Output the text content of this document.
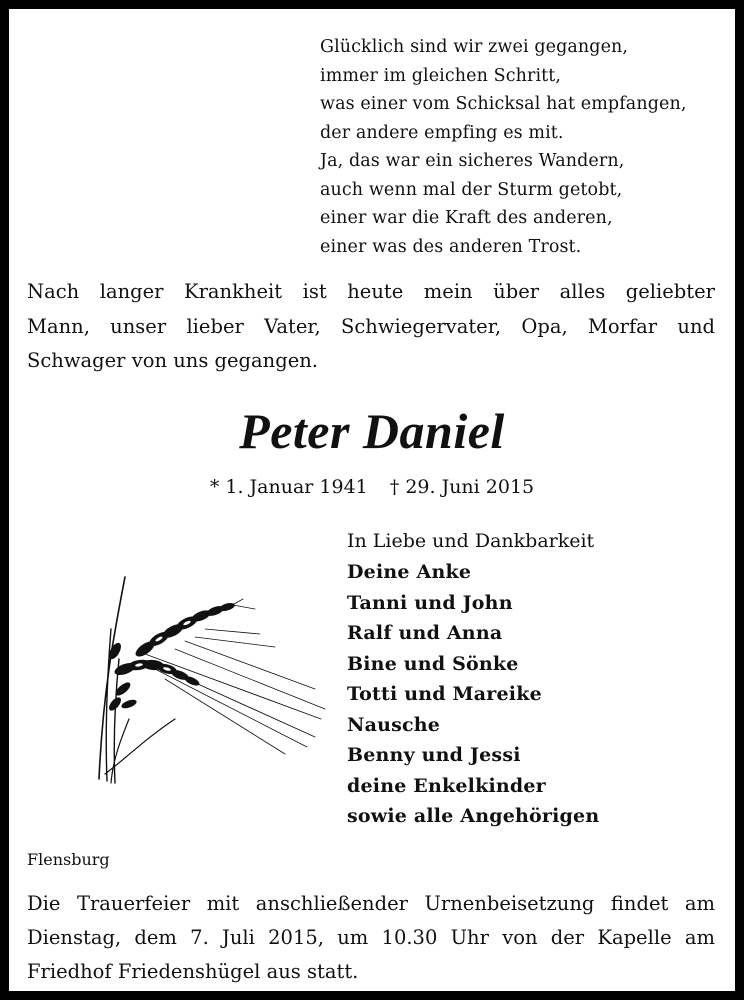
Glücklich sind wir zwei gegangen,
immer im gleichen Schritt,
was einer vom Schicksal hat empfangen,
der andere empfing es mit.
Ja, das war ein sicheres Wandern,
auch wenn mal der Sturm getobt,
einer war die Kraft des anderen,
einer was des anderen Trost.
Nach langer Krankheit ist heute mein über alles geliebter
Mann, unser lieber Vater, Schwiegervater, Opa, Morfar und
Schwager von uns gegangen.
Peter Daniel
* 1. Januar 1941 † 29. Juni 2015
In Liebe und Dankbarkeit
Deine Anke
Tanni und John
Ralf und Anna
Bine und Sönke
Totti und Mareike
Nausche
Benny und Jessi
deine Enkelkinder
sowie alle Angehörigen
Flensburg
Die Trauerfeier mit anschließender Urnenbeisetzung findet am
Dienstag, dem 7. Juli 2015, um 10.30 Uhr von der Kapelle am
Friedhof Friedenshügel aus statt.
